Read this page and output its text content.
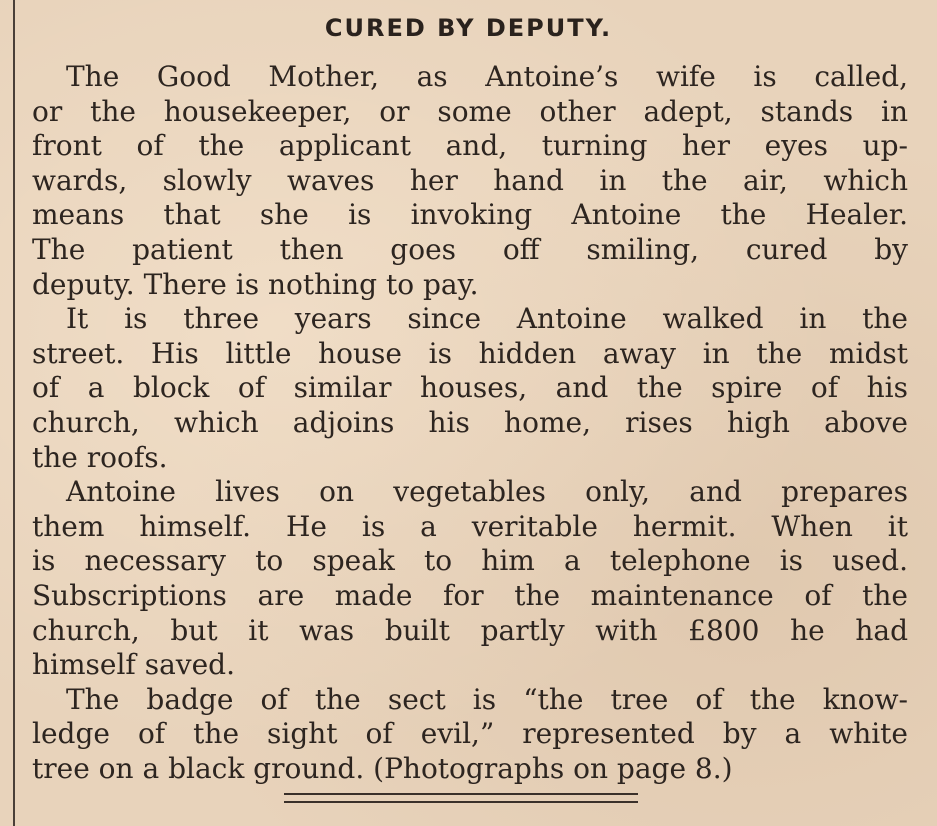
CURED BY DEPUTY.
The Good Mother, as Antoine’s wife is called,
or the housekeeper, or some other adept, stands in
front of the applicant and, turning her eyes up-
wards, slowly waves her hand in the air, which
means that she is invoking Antoine the Healer.
The patient then goes off smiling, cured by
deputy. There is nothing to pay.
It is three years since Antoine walked in the
street. His little house is hidden away in the midst
of a block of similar houses, and the spire of his
church, which adjoins his home, rises high above
the roofs.
Antoine lives on vegetables only, and prepares
them himself. He is a veritable hermit. When it
is necessary to speak to him a telephone is used.
Subscriptions are made for the maintenance of the
church, but it was built partly with £800 he had
himself saved.
The badge of the sect is “the tree of the know-
ledge of the sight of evil,” represented by a white
tree on a black ground. (Photographs on page 8.)
